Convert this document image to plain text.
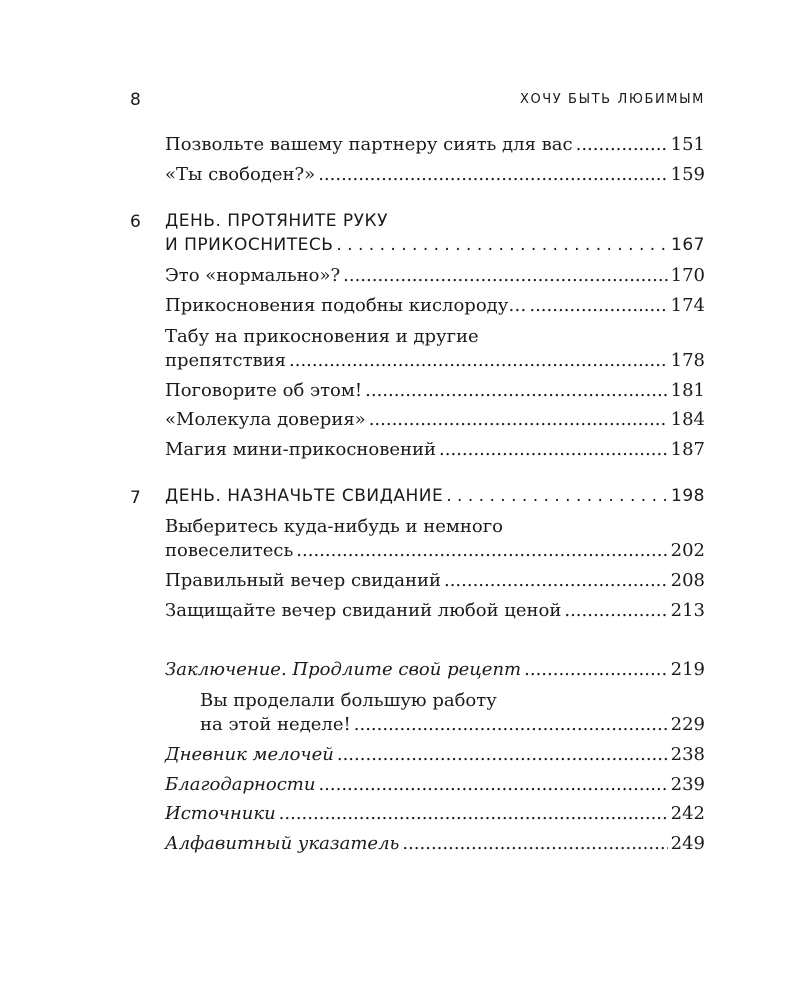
8	ХОЧУ БЫТЬ ЛЮБИМЫМ
Позвольте вашему партнеру сиять для вас .....	151
«Ты свободен?» .....	159
6 ДЕНЬ. ПРОТЯНИТЕ РУКУ
И ПРИКОСНИТЕСЬ . .	167
Это «нормально»? .....	170
Прикосновения подобны кислороду… .....	174
Табу на прикосновения и другие
препятствия .....	178
Поговорите об этом! .....	181
«Молекула доверия» .....	184
Магия мини-прикосновений .....	187
7 ДЕНЬ. НАЗНАЧЬТЕ СВИДАНИЕ . .	198
Выберитесь куда-нибудь и немного
повеселитесь .....	202
Правильный вечер свиданий .....	208
Защищайте вечер свиданий любой ценой .....	213
Заключение. Продлите свой рецепт .....	219
Вы проделали большую работу
на этой неделе! .....	229
Дневник мелочей .....	238
Благодарности .....	239
Источники .....	242
Алфавитный указатель .....	249
